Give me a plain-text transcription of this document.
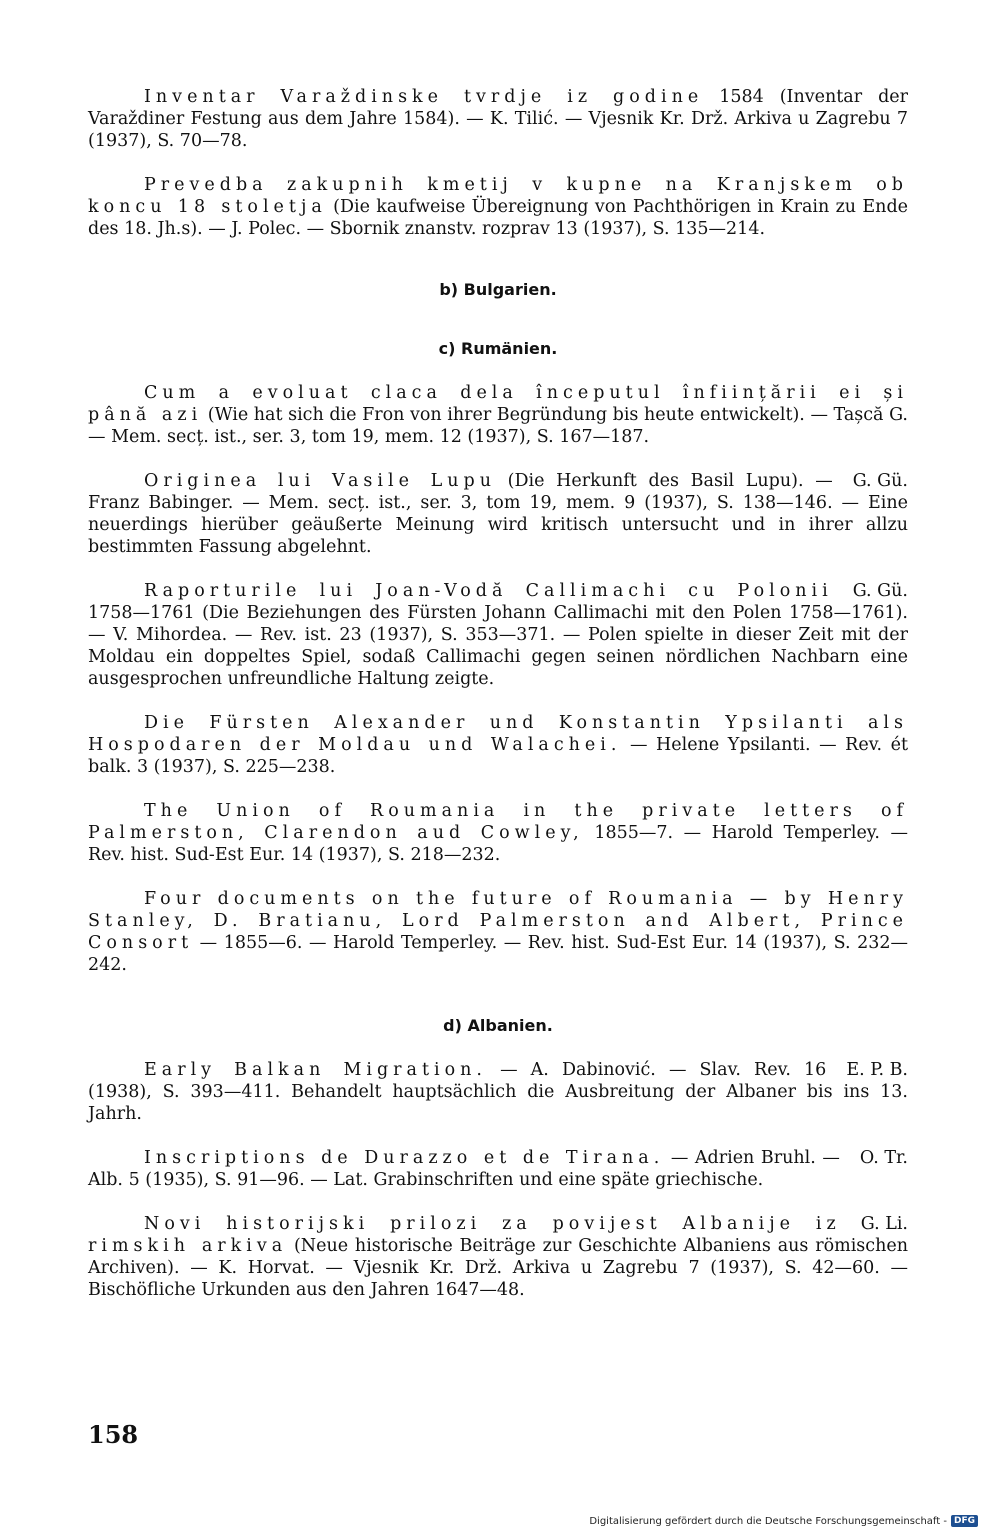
Inventar Varaždinske tvrdje iz godine 1584 (Inventar der Varaždiner Festung aus dem Jahre 1584). — K. Tilić. — Vjesnik Kr. Drž. Arkiva u Zagrebu 7 (1937), S. 70—78.

Prevedba zakupnih kmetij v kupne na Kranjskem ob koncu 18 stoletja (Die kaufweise Übereignung von Pachthörigen in Krain zu Ende des 18. Jh.s). — J. Polec. — Sbornik znanstv. rozprav 13 (1937), S. 135—214.

b) Bulgarien.
c) Rumänien.

Cum a evoluat claca dela începutul înființării ei și până azi (Wie hat sich die Fron von ihrer Begründung bis heute entwickelt). — Tașcă G. — Mem. secț. ist., ser. 3, tom 19, mem. 12 (1937), S. 167—187.

G. Gü.
Originea lui Vasile Lupu (Die Herkunft des Basil Lupu). — Franz Babinger. — Mem. secț. ist., ser. 3, tom 19, mem. 9 (1937), S. 138—146. — Eine neuerdings hierüber geäußerte Meinung wird kritisch untersucht und in ihrer allzu bestimmten Fassung abgelehnt.

G. Gü.
Raporturile lui Joan-Vodă Callimachi cu Polonii 1758—1761 (Die Beziehungen des Fürsten Johann Callimachi mit den Polen 1758—1761). — V. Mihordea. — Rev. ist. 23 (1937), S. 353—371. — Polen spielte in dieser Zeit mit der Moldau ein doppeltes Spiel, sodaß Callimachi gegen seinen nördlichen Nachbarn eine ausgesprochen unfreundliche Haltung zeigte.

Die Fürsten Alexander und Konstantin Ypsilanti als Hospodaren der Moldau und Walachei. — Helene Ypsilanti. — Rev. ét balk. 3 (1937), S. 225—238.

The Union of Roumania in the private letters of Palmerston, Clarendon aud Cowley, 1855—7. — Harold Temperley. — Rev. hist. Sud-Est Eur. 14 (1937), S. 218—232.

Four documents on the future of Roumania — by Henry Stanley, D. Bratianu, Lord Palmerston and Albert, Prince Consort — 1855—6. — Harold Temperley. — Rev. hist. Sud-Est Eur. 14 (1937), S. 232—242.

d) Albanien.

E. P. B.
Early Balkan Migration. — A. Dabinović. — Slav. Rev. 16 (1938), S. 393—411. Behandelt hauptsächlich die Ausbreitung der Albaner bis ins 13. Jahrh.

O. Tr.
Inscriptions de Durazzo et de Tirana. — Adrien Bruhl. — Alb. 5 (1935), S. 91—96. — Lat. Grabinschriften und eine späte griechische.

G. Li.
Novi historijski prilozi za povijest Albanije iz rimskih arkiva (Neue historische Beiträge zur Geschichte Albaniens aus römischen Archiven). — K. Horvat. — Vjesnik Kr. Drž. Arkiva u Zagrebu 7 (1937), S. 42—60. — Bischöfliche Urkunden aus den Jahren 1647—48.

158
Digitalisierung gefördert durch die Deutsche Forschungsgemeinschaft - DFG
